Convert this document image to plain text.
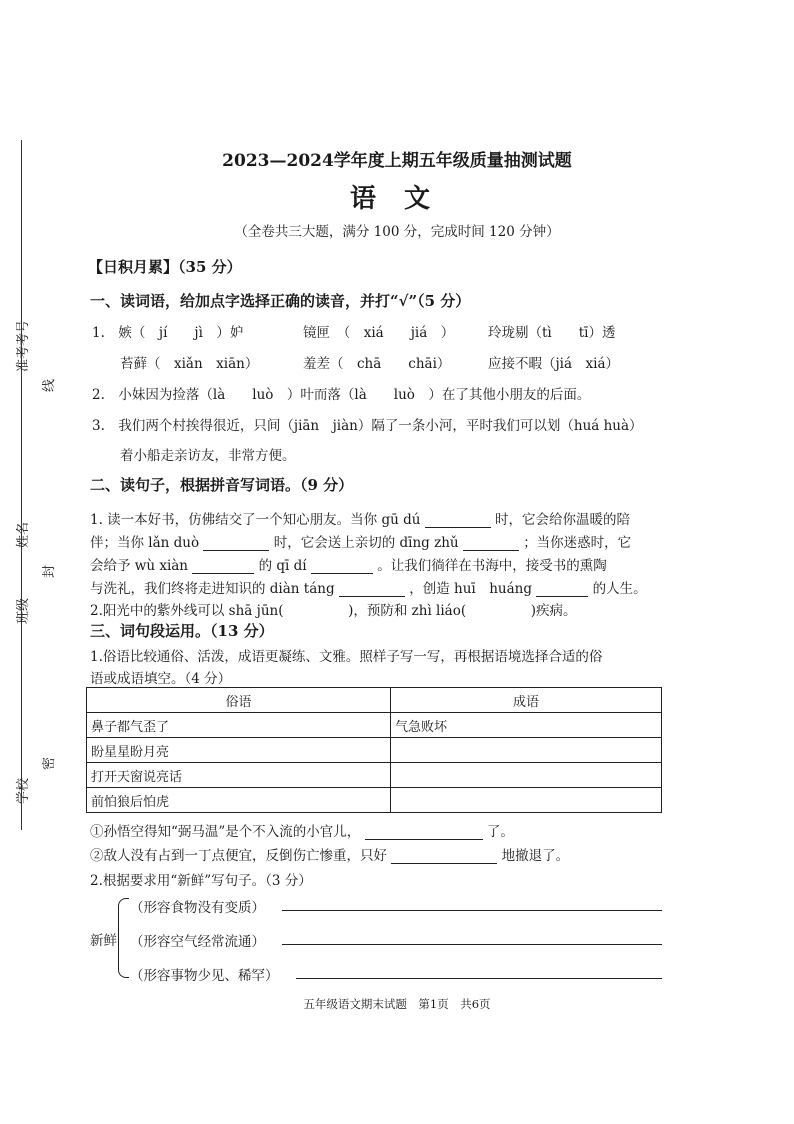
准考考号
线
姓名
封
班级
密
学校
2023—2024学年度上期五年级质量抽测试题
语文
（全卷共三大题，满分 100 分，完成时间 120 分钟）
【日积月累】（35 分）
一、读词语，给加点字选择正确的读音，并打“√”（5 分）
1.　嫉（　jí　　jì　）妒	镜匣　（　xiá　　jiá　） 玲珑剔（tì　　tī）透
苔藓（　xiǎn　xiān）	羞差（　chā　　chāi）	应接不暇（jiá　xiá）
2.　小妹因为捡落（là　　luò　）叶而落（là　　luò　）在了其他小朋友的后面。
3.　我们两个村挨得很近，只间（jiān　jiàn）隔了一条小河，平时我们可以划（huá huà）
着小船走亲访友，非常方便。
二、读句子，根据拼音写词语。（9 分）
1. 读一本好书，仿佛结交了一个知心朋友。当你 gū dú	时，它会给你温暖的陪
伴；当你 lǎn duò	时，它会送上亲切的 dīng zhǔ	；当你迷惑时，它
会给予 wù xiàn	的 qī dí	。让我们徜徉在书海中，接受书的熏陶
与洗礼，我们终将走进知识的 diàn táng	，创造 huī　huáng	的人生。
2.阳光中的紫外线可以 shā jūn(	)，预防和 zhì liáo(	)疾病。
三、词句段运用。（13 分）
1.俗语比较通俗、活泼，成语更凝练、文雅。照样子写一写，再根据语境选择合适的俗
语或成语填空。（4 分）
俗语	成语
鼻子都气歪了	气急败坏
盼星星盼月亮	
打开天窗说亮话	
前怕狼后怕虎	
①孙悟空得知“弼马温”是个不入流的小官儿，	了。
②敌人没有占到一丁点便宜，反倒伤亡惨重，只好	地撤退了。
2.根据要求用“新鲜”写句子。（3 分）
新鲜
（形容食物没有变质）
（形容空气经常流通）
（形容事物少见、稀罕）
五年级语文期末试题　第1页　共6页
